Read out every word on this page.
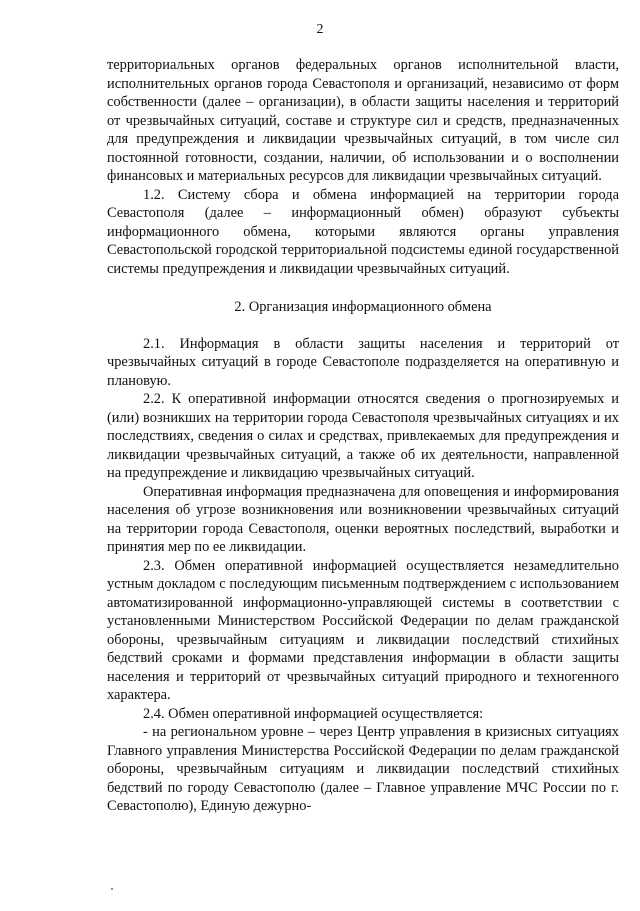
2

территориальных органов федеральных органов исполнительной власти, исполнительных органов города Севастополя и организаций, независимо от форм собственности (далее – организации), в области защиты населения и территорий от чрезвычайных ситуаций, составе и структуре сил и средств, предназначенных для предупреждения и ликвидации чрезвычайных ситуаций, в том числе сил постоянной готовности, создании, наличии, об использовании и о восполнении финансовых и материальных ресурсов для ликвидации чрезвычайных ситуаций.

1.2. Систему сбора и обмена информацией на территории города Севастополя (далее – информационный обмен) образуют субъекты информационного обмена, которыми являются органы управления Севастопольской городской территориальной подсистемы единой государственной системы предупреждения и ликвидации чрезвычайных ситуаций.

2. Организация информационного обмена

2.1. Информация в области защиты населения и территорий от чрезвычайных ситуаций в городе Севастополе подразделяется на оперативную и плановую.

2.2. К оперативной информации относятся сведения о прогнозируемых и (или) возникших на территории города Севастополя чрезвычайных ситуациях и их последствиях, сведения о силах и средствах, привлекаемых для предупреждения и ликвидации чрезвычайных ситуаций, а также об их деятельности, направленной на предупреждение и ликвидацию чрезвычайных ситуаций.

Оперативная информация предназначена для оповещения и информирования населения об угрозе возникновения или возникновении чрезвычайных ситуаций на территории города Севастополя, оценки вероятных последствий, выработки и принятия мер по ее ликвидации.

2.3. Обмен оперативной информацией осуществляется незамедлительно устным докладом с последующим письменным подтверждением с использованием автоматизированной информационно-управляющей системы в соответствии с установленными Министерством Российской Федерации по делам гражданской обороны, чрезвычайным ситуациям и ликвидации последствий стихийных бедствий сроками и формами представления информации в области защиты населения и территорий от чрезвычайных ситуаций природного и техногенного характера.

2.4. Обмен оперативной информацией осуществляется:

- на региональном уровне – через Центр управления в кризисных ситуациях Главного управления Министерства Российской Федерации по делам гражданской обороны, чрезвычайным ситуациям и ликвидации последствий стихийных бедствий по городу Севастополю (далее – Главное управление МЧС России по г. Севастополю), Единую дежурно-
